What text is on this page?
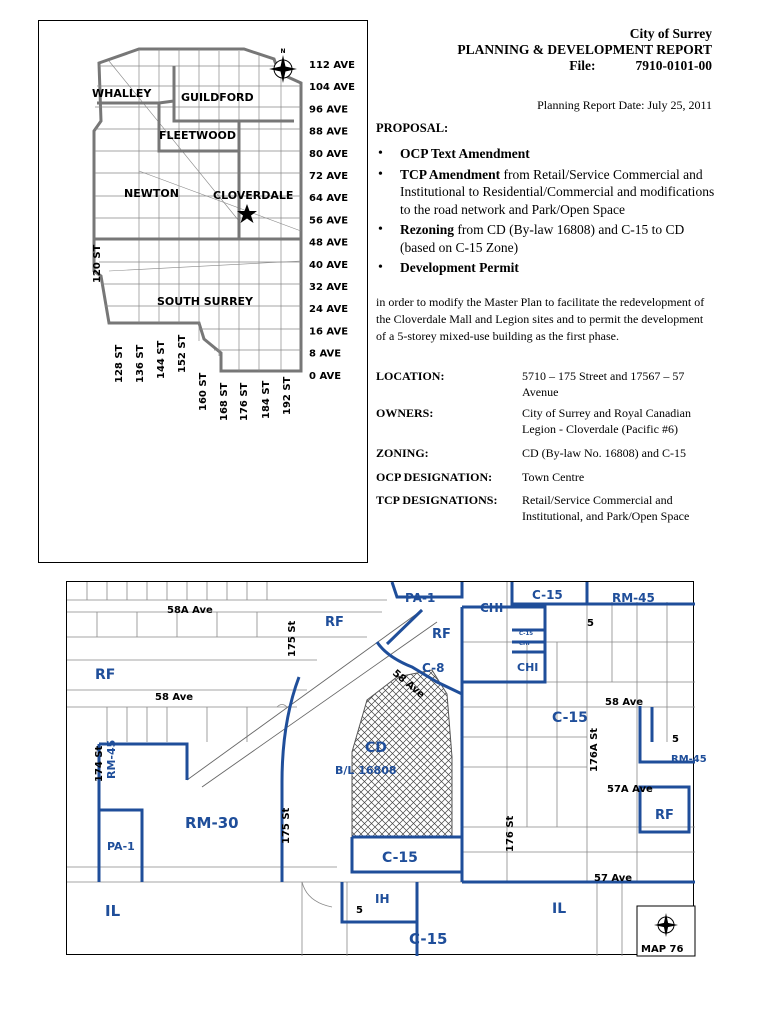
N
112 AVE
104 AVE
96 AVE
88 AVE
80 AVE
72 AVE
64 AVE
56 AVE
48 AVE
40 AVE
32 AVE
24 AVE
16 AVE
8 AVE
0 AVE
120 ST
128 ST 136 ST 144 ST 152 ST
160 ST 168 ST 176 ST 184 ST 192 ST
WHALLEY	GUILDFORD
FLEETWOOD
NEWTON	CLOVERDALE
SOUTH SURREY
City of Surrey
PLANNING & DEVELOPMENT REPORT
File:	7910-0101-00
Planning Report Date: July 25, 2011
PROPOSAL:
• OCP Text Amendment
• TCP Amendment from Retail/Service Commercial and Institutional to Residential/Commercial and modifications to the road network and Park/Open Space
• Rezoning from CD (By-law 16808) and C-15 to CD (based on C-15 Zone)
• Development Permit

in order to modify the Master Plan to facilitate the redevelopment of the Cloverdale Mall and Legion sites and to permit the development of a 5-storey mixed-use building as the first phase.

LOCATION:	5710 – 175 Street and 17567 – 57 Avenue
OWNERS:	City of Surrey and Royal Canadian Legion - Cloverdale (Pacific #6)
ZONING:	CD (By-law No. 16808) and C-15
OCP DESIGNATION: Town Centre
TCP DESIGNATIONS: Retail/Service Commercial and Institutional, and Park/Open Space
PA-1	C-15	RM-45
RF
CHI
C-15
CHI
C-8	CHI
RF
CD
B/L 16808
C-15
RM-45	RM-45
RF
RM-30
PA-1
C-15
IH
IL
C-15
IL
RF
58A Ave
175 St
58 Ave	58 Ave
58 Ave
174 St	176A St
57A Ave
175 St	176 St
57 Ave
5
5
5
MAP 76
